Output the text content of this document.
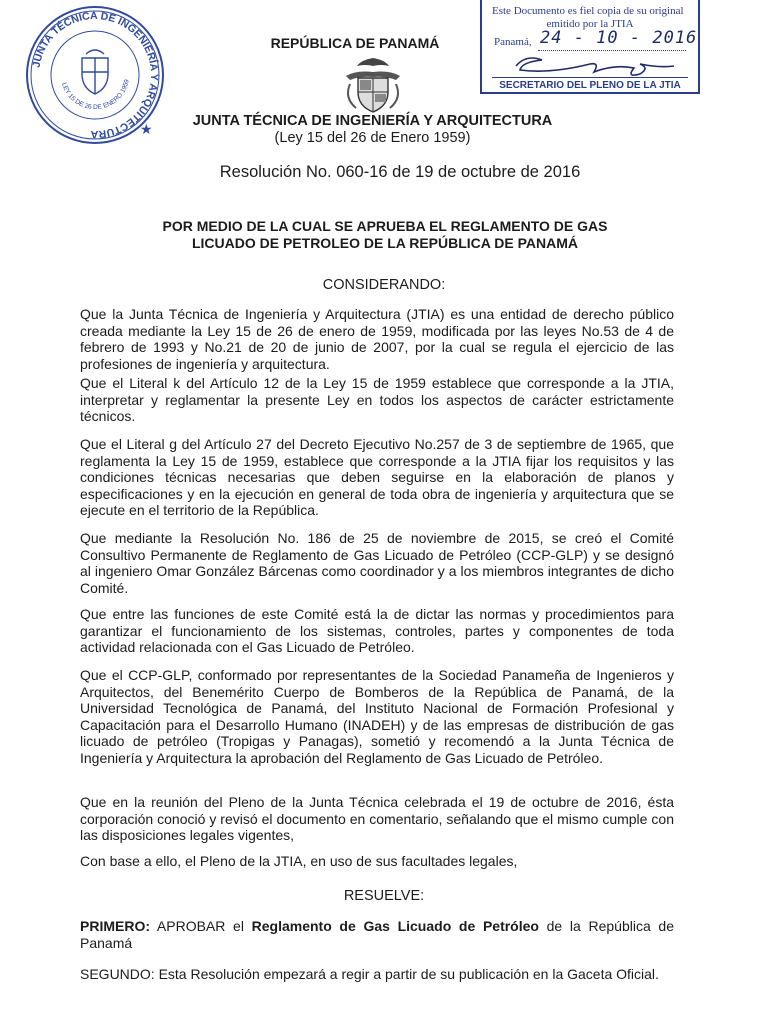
JUNTA TÉCNICA DE INGENIERÍA Y ARQUITECTURA
LEY 15 DE 26 DE ENERO 1959
★
Este Documento es fiel copia de su original
emitido por la JTIA
Panamá, 24 - 10 - 2016
SECRETARIO DEL PLENO DE LA JTIA
REPÚBLICA DE PANAMÁ
JUNTA TÉCNICA DE INGENIERÍA Y ARQUITECTURA
(Ley 15 del 26 de Enero 1959)
Resolución No. 060-16 de 19 de octubre de 2016
POR MEDIO DE LA CUAL SE APRUEBA EL REGLAMENTO DE GAS
LICUADO DE PETROLEO DE LA REPÚBLICA DE PANAMÁ
CONSIDERANDO:
Que la Junta Técnica de Ingeniería y Arquitectura (JTIA) es una entidad de derecho público creada mediante la Ley 15 de 26 de enero de 1959, modificada por las leyes No.53 de 4 de febrero de 1993 y No.21 de 20 de junio de 2007, por la cual se regula el ejercicio de las profesiones de ingeniería y arquitectura.
Que el Literal k del Artículo 12 de la Ley 15 de 1959 establece que corresponde a la JTIA, interpretar y reglamentar la presente Ley en todos los aspectos de carácter estrictamente técnicos.
Que el Literal g del Artículo 27 del Decreto Ejecutivo No.257 de 3 de septiembre de 1965, que reglamenta la Ley 15 de 1959, establece que corresponde a la JTIA fijar los requisitos y las condiciones técnicas necesarias que deben seguirse en la elaboración de planos y especificaciones y en la ejecución en general de toda obra de ingeniería y arquitectura que se ejecute en el territorio de la República.
Que mediante la Resolución No. 186 de 25 de noviembre de 2015, se creó el Comité Consultivo Permanente de Reglamento de Gas Licuado de Petróleo (CCP-GLP) y se designó al ingeniero Omar González Bárcenas como coordinador y a los miembros integrantes de dicho Comité.
Que entre las funciones de este Comité está la de dictar las normas y procedimientos para garantizar el funcionamiento de los sistemas, controles, partes y componentes de toda actividad relacionada con el Gas Licuado de Petróleo.
Que el CCP-GLP, conformado por representantes de la Sociedad Panameña de Ingenieros y Arquitectos, del Benemérito Cuerpo de Bomberos de la República de Panamá, de la Universidad Tecnológica de Panamá, del Instituto Nacional de Formación Profesional y Capacitación para el Desarrollo Humano (INADEH) y de las empresas de distribución de gas licuado de petróleo (Tropigas y Panagas), sometió y recomendó a la Junta Técnica de Ingeniería y Arquitectura la aprobación del Reglamento de Gas Licuado de Petróleo.
Que en la reunión del Pleno de la Junta Técnica celebrada el 19 de octubre de 2016, ésta corporación conoció y revisó el documento en comentario, señalando que el mismo cumple con las disposiciones legales vigentes,
Con base a ello, el Pleno de la JTIA, en uso de sus facultades legales,
RESUELVE:
PRIMERO: APROBAR el Reglamento de Gas Licuado de Petróleo de la República de Panamá
SEGUNDO: Esta Resolución empezará a regir a partir de su publicación en la Gaceta Oficial.
